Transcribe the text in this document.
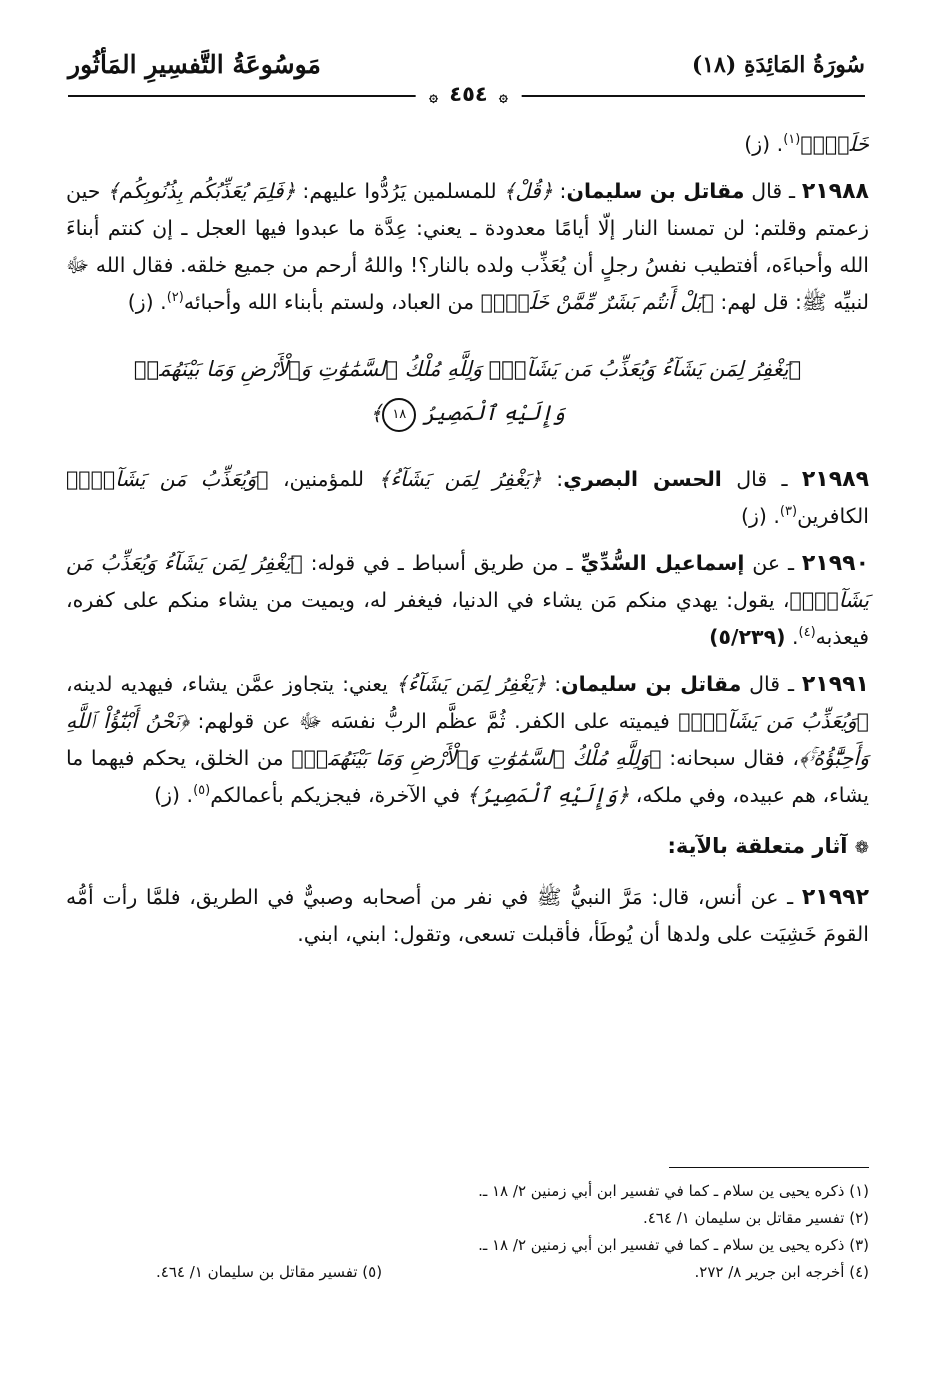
سُورَةُ المَائِدَةِ (١٨)
مَوسُوعَةُ التَّفسِيرِ المَأثُور
۞ ٤٥٤ ۞

خَلَقَۚ﴾$^{(١)}$. (ز)

٢١٩٨٨ ـ قال مقاتل بن سليمان: ﴿قُلْ﴾ للمسلمين يَرُدُّوا عليهم: ﴿فَلِمَ يُعَذِّبُكُم بِذُنُوبِكُم﴾ حين زعمتم وقلتم: لن تمسنا النار إلّا أيامًا معدودة ـ يعني: عِدَّة ما عبدوا فيها العجل ـ إن كنتم أبناءَ الله وأحباءَه، أفتطيب نفسُ رجلٍ أن يُعَذِّب ولده بالنار؟! واللهُ أرحم من جميع خلقه. فقال الله ﷻ لنبيِّه ﷺ: قل لهم: ﴿بَلْ أَنتُم بَشَرٌ مِّمَّنْ خَلَقَۚ﴾ من العباد، ولستم بأبناء الله وأحبائه$^{(٢)}$. (ز)

﴿يَغْفِرُ لِمَن يَشَآءُ وَيُعَذِّبُ مَن يَشَآءُۚ وَلِلَّهِ مُلْكُ ٱلسَّمَٰوَٰتِ وَٱلْأَرْضِ وَمَا بَيْنَهُمَاۖ
وَإِلَيْهِ ٱلْمَصِيرُ ١٨﴾

٢١٩٨٩ ـ قال الحسن البصري: ﴿يَغْفِرُ لِمَن يَشَآءُ﴾ للمؤمنين، ﴿وَيُعَذِّبُ مَن يَشَآءُۚ﴾ الكافرين$^{(٣)}$. (ز)

٢١٩٩٠ ـ عن إسماعيل السُّدِّيِّ ـ من طريق أسباط ـ في قوله: ﴿يَغْفِرُ لِمَن يَشَآءُ وَيُعَذِّبُ مَن يَشَآءُۚ﴾، يقول: يهدي منكم مَن يشاء في الدنيا، فيغفر له، ويميت من يشاء منكم على كفره، فيعذبه$^{(٤)}$. (٥/٢٣٩)

٢١٩٩١ ـ قال مقاتل بن سليمان: ﴿يَغْفِرُ لِمَن يَشَآءُ﴾ يعني: يتجاوز عمَّن يشاء، فيهديه لدينه، ﴿وَيُعَذِّبُ مَن يَشَآءُۚ﴾ فيميته على الكفر. ثُمَّ عظَّم الربُّ نفسَه ﷻ عن قولهم: ﴿نَحْنُ أَبْنَٰٓؤُاْ ٱللَّهِ وَأَحِبَّٰٓؤُهُۥۚ﴾، فقال سبحانه: ﴿وَلِلَّهِ مُلْكُ ٱلسَّمَٰوَٰتِ وَٱلْأَرْضِ وَمَا بَيْنَهُمَاۖ﴾ من الخلق، يحكم فيهما ما يشاء، هم عبيده، وفي ملكه، ﴿وَإِلَيْهِ ٱلْمَصِيرُ﴾ في الآخرة، فيجزيكم بأعمالكم$^{(٥)}$. (ز)

❁ آثار متعلقة بالآية:

٢١٩٩٢ ـ عن أنس، قال: مَرَّ النبيُّ ﷺ في نفر من أصحابه وصبيٌّ في الطريق، فلمَّا رأت أمُّه القومَ خَشِيَت على ولدها أن يُوطَأ، فأقبلت تسعى، وتقول: ابني، ابني.

(١) ذكره يحيى ين سلام ـ كما في تفسير ابن أبي زمنين ٢/ ١٨ ـ.
(٢) تفسير مقاتل بن سليمان ١/ ٤٦٤.
(٣) ذكره يحيى ين سلام ـ كما في تفسير ابن أبي زمنين ٢/ ١٨ ـ.
(٤) أخرجه ابن جرير ٨/ ٢٧٢.
(٥) تفسير مقاتل بن سليمان ١/ ٤٦٤.
